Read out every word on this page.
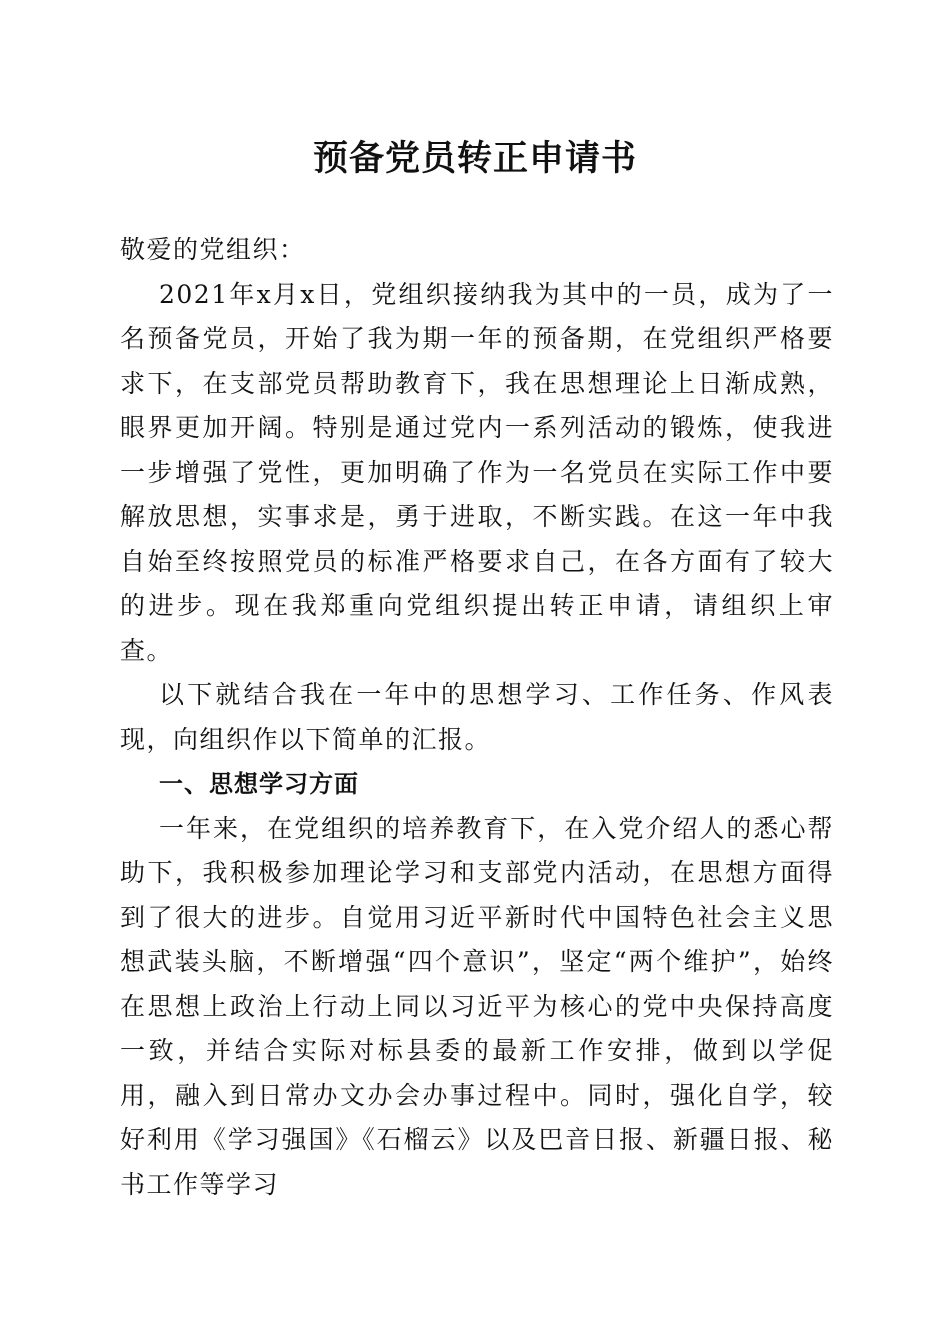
预备党员转正申请书

敬爱的党组织：

2021年x月x日，党组织接纳我为其中的一员，成为了一名预备党员，开始了我为期一年的预备期，在党组织严格要求下，在支部党员帮助教育下，我在思想理论上日渐成熟，眼界更加开阔。特别是通过党内一系列活动的锻炼，使我进一步增强了党性，更加明确了作为一名党员在实际工作中要解放思想，实事求是，勇于进取，不断实践。在这一年中我自始至终按照党员的标准严格要求自己，在各方面有了较大的进步。现在我郑重向党组织提出转正申请，请组织上审查。

以下就结合我在一年中的思想学习、工作任务、作风表现，向组织作以下简单的汇报。

一、思想学习方面

一年来，在党组织的培养教育下，在入党介绍人的悉心帮助下，我积极参加理论学习和支部党内活动，在思想方面得到了很大的进步。自觉用习近平新时代中国特色社会主义思想武装头脑，不断增强“四个意识”，坚定“两个维护”，始终在思想上政治上行动上同以习近平为核心的党中央保持高度一致，并结合实际对标县委的最新工作安排，做到以学促用，融入到日常办文办会办事过程中。同时，强化自学，较好利用《学习强国》《石榴云》以及巴音日报、新疆日报、秘书工作等学习
